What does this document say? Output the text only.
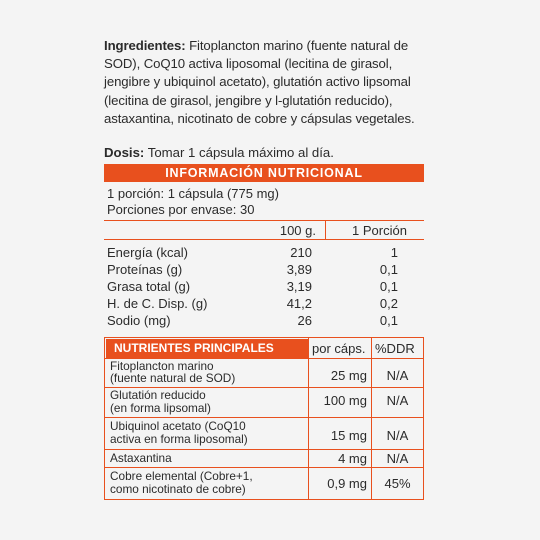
Ingredientes: Fitoplancton marino (fuente natural de SOD), CoQ10 activa liposomal (lecitina de girasol, jengibre y ubiquinol acetato), glutatión activo lipsomal (lecitina de girasol, jengibre y l-glutatión reducido), astaxantina, nicotinato de cobre y cápsulas vegetales.
Dosis: Tomar 1 cápsula máximo al día.
INFORMACIÓN NUTRICIONAL
1 porción: 1 cápsula (775 mg)
Porciones por envase: 30
100 g.	1 Porción
Energía (kcal)	210	1
Proteínas (g)	3,89	0,1
Grasa total (g)	3,19	0,1
H. de C. Disp. (g)	41,2	0,2
Sodio (mg)	26	0,1
NUTRIENTES PRINCIPALES	por cáps. %DDR
Fitoplancton marino
(fuente natural de SOD)	25 mg	N/A
Glutatión reducido
(en forma lipsomal)	100 mg	N/A
Ubiquinol acetato (CoQ10
activa en forma liposomal)	15 mg	N/A
Astaxantina	4 mg	N/A
Cobre elemental (Cobre+1,
como nicotinato de cobre)	0,9 mg	45%
